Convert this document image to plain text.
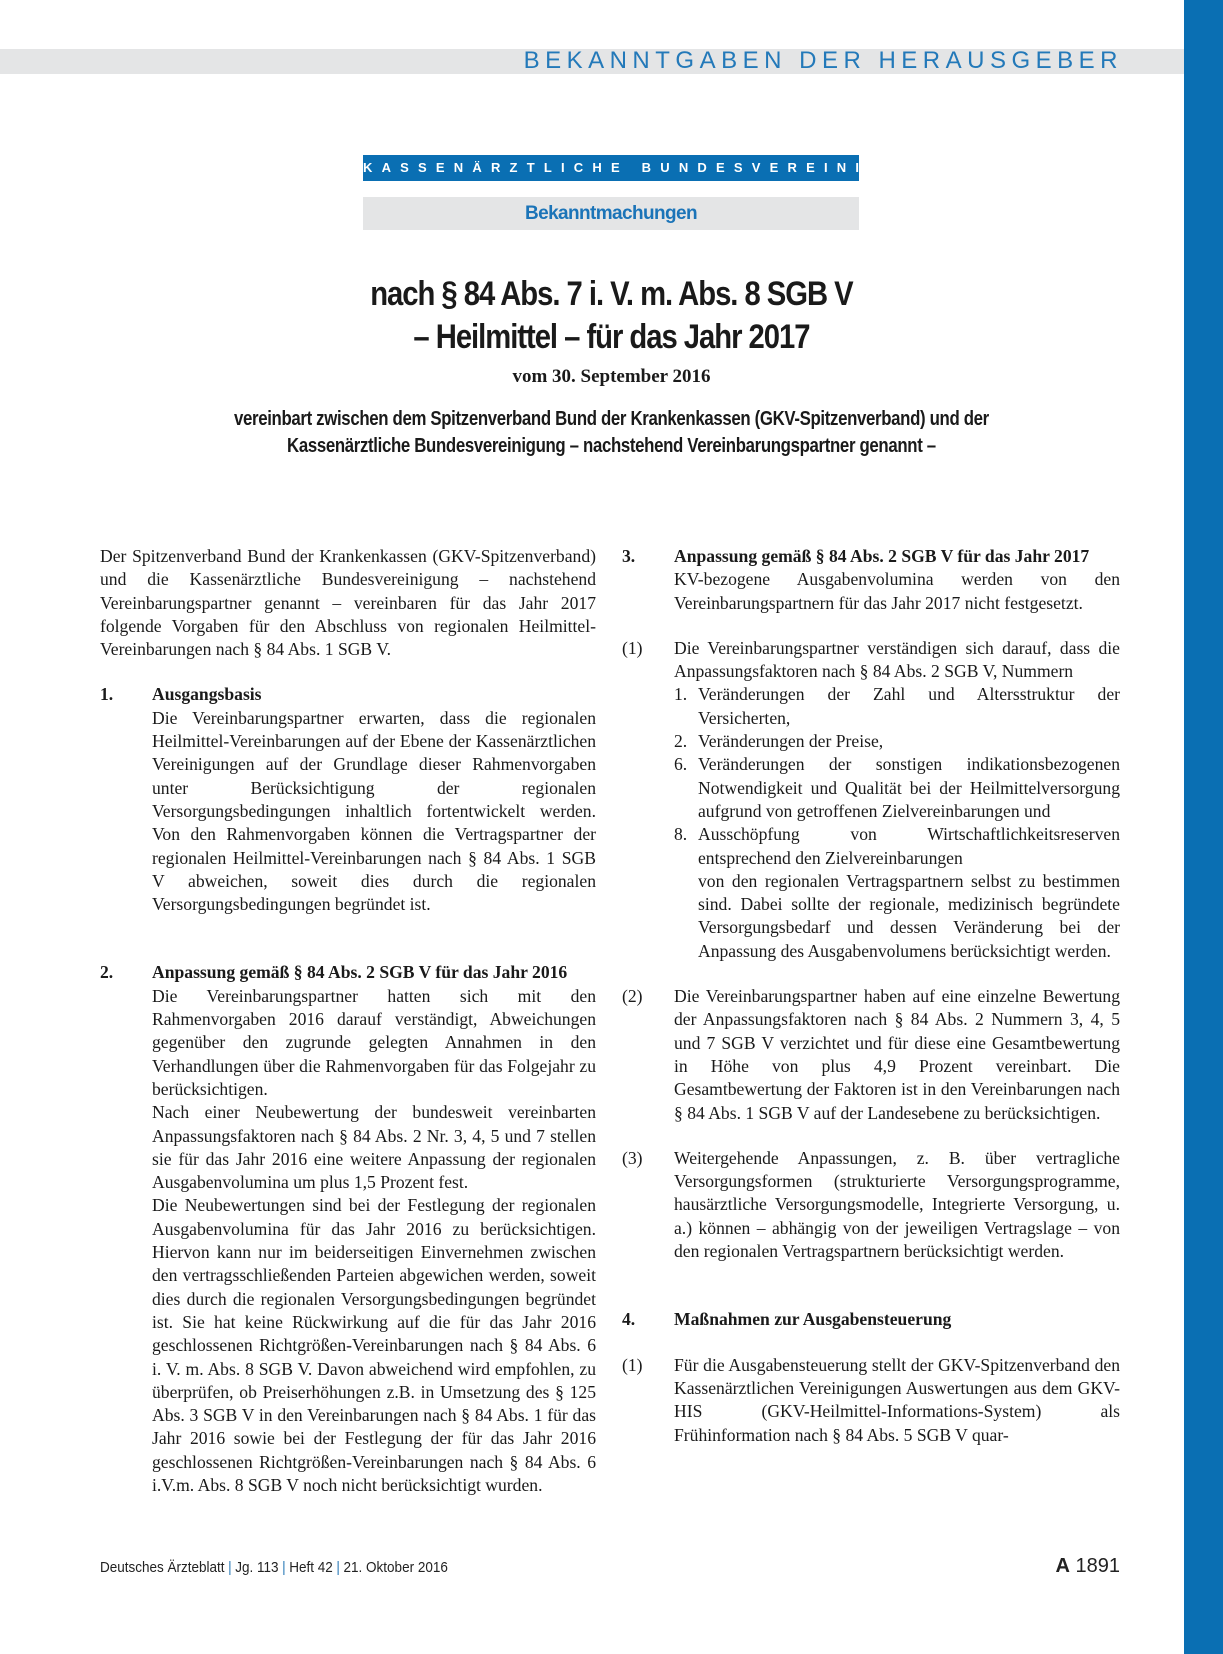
BEKANNTGABEN DER HERAUSGEBER
KASSENÄRZTLICHE BUNDESVEREINIGUNG
Bekanntmachungen
nach § 84 Abs. 7 i. V. m. Abs. 8 SGB V
– Heilmittel – für das Jahr 2017
vom 30. September 2016
vereinbart zwischen dem Spitzenverband Bund der Krankenkassen (GKV-Spitzenverband) und der
Kassenärztliche Bundesvereinigung – nachstehend Vereinbarungspartner genannt –

Der Spitzenverband Bund der Krankenkassen (GKV-Spitzenverband) und die Kassenärztliche Bundesvereinigung – nachstehend Vereinbarungspartner genannt – vereinbaren für das Jahr 2017 folgende Vorgaben für den Abschluss von regionalen Heilmittel-Vereinbarungen nach § 84 Abs. 1 SGB V.

1.	Ausgangsbasis
Die Vereinbarungspartner erwarten, dass die regionalen Heilmittel-Vereinbarungen auf der Ebene der Kassenärztlichen Vereinigungen auf der Grundlage dieser Rahmenvorgaben unter Berücksichtigung der regionalen Versorgungsbedingungen inhaltlich fortentwickelt werden. Von den Rahmenvorgaben können die Vertragspartner der regionalen Heilmittel-Vereinbarungen nach § 84 Abs. 1 SGB V abweichen, soweit dies durch die regionalen Versorgungsbedingungen begründet ist.
2.	Anpassung gemäß § 84 Abs. 2 SGB V für das Jahr 2016
Die Vereinbarungspartner hatten sich mit den Rahmenvorgaben 2016 darauf verständigt, Abweichungen gegenüber den zugrunde gelegten Annahmen in den Verhandlungen über die Rahmenvorgaben für das Folgejahr zu berücksichtigen.
Nach einer Neubewertung der bundesweit vereinbarten Anpassungsfaktoren nach § 84 Abs. 2 Nr. 3, 4, 5 und 7 stellen sie für das Jahr 2016 eine weitere Anpassung der regionalen Ausgabenvolumina um plus 1,5 Prozent fest.
Die Neubewertungen sind bei der Festlegung der regionalen Ausgabenvolumina für das Jahr 2016 zu berücksichtigen. Hiervon kann nur im beiderseitigen Einvernehmen zwischen den vertragsschließenden Parteien abgewichen werden, soweit dies durch die regionalen Versorgungsbedingungen begründet ist. Sie hat keine Rückwirkung auf die für das Jahr 2016 geschlossenen Richtgrößen-Vereinbarungen nach § 84 Abs. 6 i. V. m. Abs. 8 SGB V. Davon abweichend wird empfohlen, zu überprüfen, ob Preiserhöhungen z.B. in Umsetzung des § 125 Abs. 3 SGB V in den Vereinbarungen nach § 84 Abs. 1 für das Jahr 2016 sowie bei der Festlegung der für das Jahr 2016 geschlossenen Richtgrößen-Vereinbarungen nach § 84 Abs. 6 i.V.m. Abs. 8 SGB V noch nicht berücksichtigt wurden.
3.	Anpassung gemäß § 84 Abs. 2 SGB V für das Jahr 2017
KV-bezogene Ausgabenvolumina werden von den Vereinbarungspartnern für das Jahr 2017 nicht festgesetzt.
(1)	Die Vereinbarungspartner verständigen sich darauf, dass die Anpassungsfaktoren nach § 84 Abs. 2 SGB V, Nummern
1. Veränderungen der Zahl und Altersstruktur der Versicherten,
2. Veränderungen der Preise,
6. Veränderungen der sonstigen indikationsbezogenen Notwendigkeit und Qualität bei der Heilmittelversorgung aufgrund von getroffenen Zielvereinbarungen und
8. Ausschöpfung von Wirtschaftlichkeitsreserven entsprechend den Zielvereinbarungen
von den regionalen Vertragspartnern selbst zu bestimmen sind. Dabei sollte der regionale, medizinisch begründete Versorgungsbedarf und dessen Veränderung bei der Anpassung des Ausgabenvolumens berücksichtigt werden.
(2)	Die Vereinbarungspartner haben auf eine einzelne Bewertung der Anpassungsfaktoren nach § 84 Abs. 2 Nummern 3, 4, 5 und 7 SGB V verzichtet und für diese eine Gesamtbewertung in Höhe von plus 4,9 Prozent vereinbart. Die Gesamtbewertung der Faktoren ist in den Vereinbarungen nach § 84 Abs. 1 SGB V auf der Landesebene zu berücksichtigen.
(3)	Weitergehende Anpassungen, z. B. über vertragliche Versorgungsformen (strukturierte Versorgungsprogramme, hausärztliche Versorgungsmodelle, Integrierte Versorgung, u. a.) können – abhängig von der jeweiligen Vertragslage – von den regionalen Vertragspartnern berücksichtigt werden.
4.	Maßnahmen zur Ausgabensteuerung
(1)	Für die Ausgabensteuerung stellt der GKV-Spitzenverband den Kassenärztlichen Vereinigungen Auswertungen aus dem GKV-HIS (GKV-Heilmittel-Informations-System) als Frühinformation nach § 84 Abs. 5 SGB V quar-
Deutsches Ärzteblatt | Jg. 113 | Heft 42 | 21. Oktober 2016	A 1891
